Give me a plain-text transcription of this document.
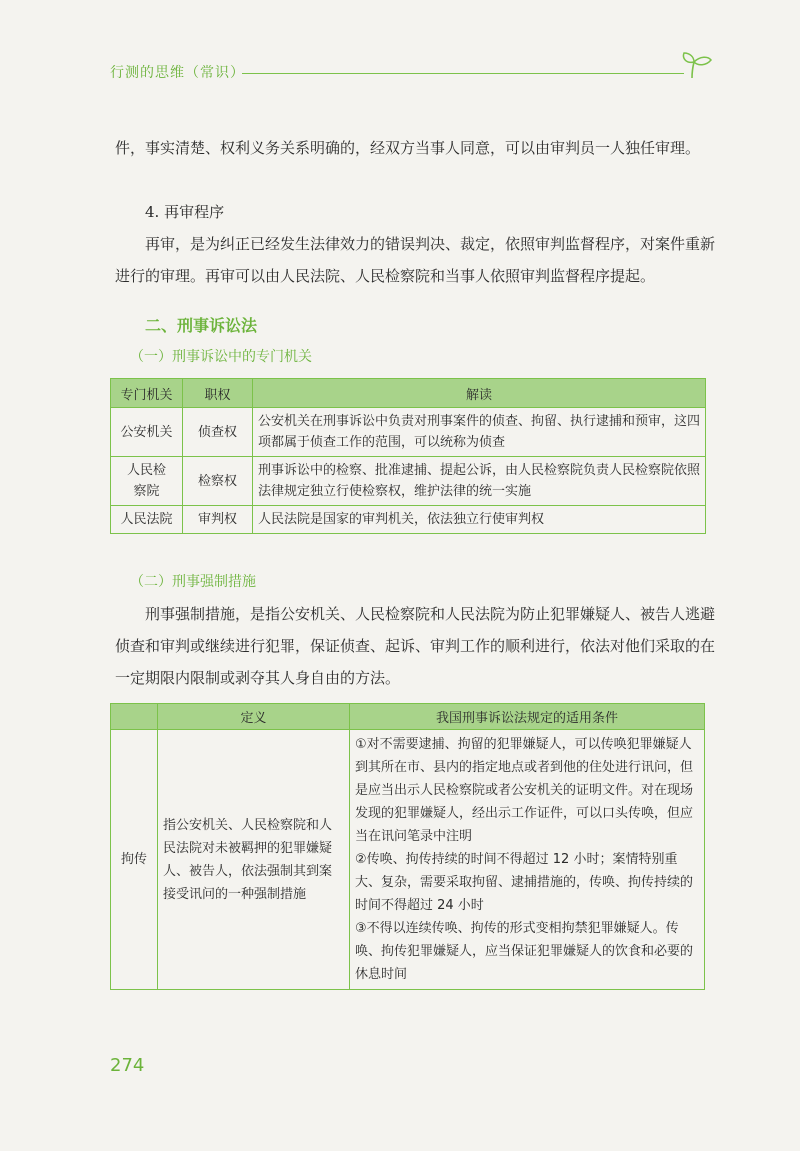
行测的思维（常识）
件，事实清楚、权利义务关系明确的，经双方当事人同意，可以由审判员一人独任审理。
4. 再审程序
再审，是为纠正已经发生法律效力的错误判决、裁定，依照审判监督程序，对案件重新进行的审理。再审可以由人民法院、人民检察院和当事人依照审判监督程序提起。
二、刑事诉讼法
（一）刑事诉讼中的专门机关
专门机关	职权	解读
公安机关	侦查权	公安机关在刑事诉讼中负责对刑事案件的侦查、拘留、执行逮捕和预审，这四项都属于侦查工作的范围，可以统称为侦查
人民检察院	检察权	刑事诉讼中的检察、批准逮捕、提起公诉，由人民检察院负责人民检察院依照法律规定独立行使检察权，维护法律的统一实施
人民法院	审判权	人民法院是国家的审判机关，依法独立行使审判权
（二）刑事强制措施
刑事强制措施，是指公安机关、人民检察院和人民法院为防止犯罪嫌疑人、被告人逃避侦查和审判或继续进行犯罪，保证侦查、起诉、审判工作的顺利进行，依法对他们采取的在一定期限内限制或剥夺其人身自由的方法。
	定义	我国刑事诉讼法规定的适用条件
拘传	指公安机关、人民检察院和人民法院对未被羁押的犯罪嫌疑人、被告人，依法强制其到案接受讯问的一种强制措施	①对不需要逮捕、拘留的犯罪嫌疑人，可以传唤犯罪嫌疑人到其所在市、县内的指定地点或者到他的住处进行讯问，但是应当出示人民检察院或者公安机关的证明文件。对在现场发现的犯罪嫌疑人，经出示工作证件，可以口头传唤，但应当在讯问笔录中注明
②传唤、拘传持续的时间不得超过 12 小时；案情特别重大、复杂，需要采取拘留、逮捕措施的，传唤、拘传持续的时间不得超过 24 小时
③不得以连续传唤、拘传的形式变相拘禁犯罪嫌疑人。传唤、拘传犯罪嫌疑人，应当保证犯罪嫌疑人的饮食和必要的休息时间
274
